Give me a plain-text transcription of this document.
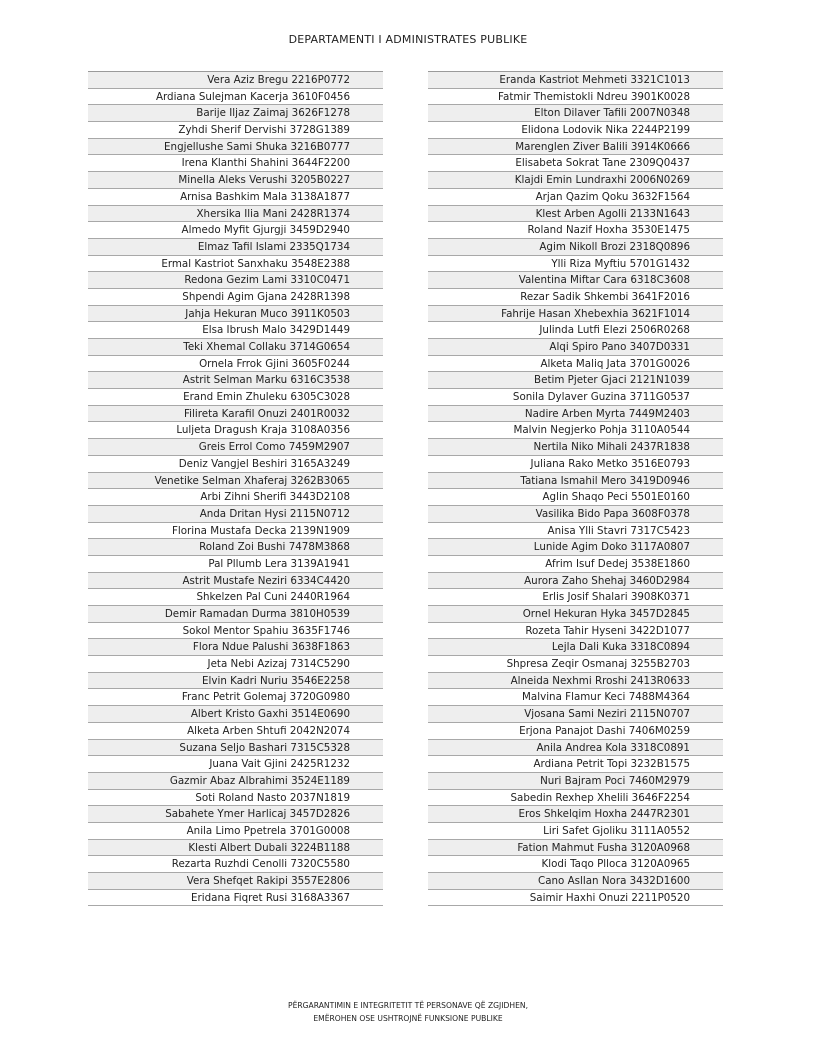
DEPARTAMENTI I ADMINISTRATES PUBLIKE
Vera Aziz Bregu 2216P0772
Ardiana Sulejman Kacerja 3610F0456
Barije Iljaz Zaimaj 3626F1278
Zyhdi Sherif Dervishi 3728G1389
Engjellushe Sami Shuka 3216B0777
Irena Klanthi Shahini 3644F2200
Minella Aleks Verushi 3205B0227
Arnisa Bashkim Mala 3138A1877
Xhersika Ilia Mani 2428R1374
Almedo Myfit Gjurgji 3459D2940
Elmaz Tafil Islami 2335Q1734
Ermal Kastriot Sanxhaku 3548E2388
Redona Gezim Lami 3310C0471
Shpendi Agim Gjana 2428R1398
Jahja Hekuran Muco 3911K0503
Elsa Ibrush Malo 3429D1449
Teki Xhemal Collaku 3714G0654
Ornela Frrok Gjini 3605F0244
Astrit Selman Marku 6316C3538
Erand Emin Zhuleku 6305C3028
Filireta Karafil Onuzi 2401R0032
Luljeta Dragush Kraja 3108A0356
Greis Errol Como 7459M2907
Deniz Vangjel Beshiri 3165A3249
Venetike Selman Xhaferaj 3262B3065
Arbi Zihni Sherifi 3443D2108
Anda Dritan Hysi 2115N0712
Florina Mustafa Decka 2139N1909
Roland Zoi Bushi 7478M3868
Pal Pllumb Lera 3139A1941
Astrit Mustafe Neziri 6334C4420
Shkelzen Pal Cuni 2440R1964
Demir Ramadan Durma 3810H0539
Sokol Mentor Spahiu 3635F1746
Flora Ndue Palushi 3638F1863
Jeta Nebi Azizaj 7314C5290
Elvin Kadri Nuriu 3546E2258
Franc Petrit Golemaj 3720G0980
Albert Kristo Gaxhi 3514E0690
Alketa Arben Shtufi 2042N2074
Suzana Seljo Bashari 7315C5328
Juana Vait Gjini 2425R1232
Gazmir Abaz Albrahimi 3524E1189
Soti Roland Nasto 2037N1819
Sabahete Ymer Harlicaj 3457D2826
Anila Limo Ppetrela 3701G0008
Klesti Albert Dubali 3224B1188
Rezarta Ruzhdi Cenolli 7320C5580
Vera Shefqet Rakipi 3557E2806
Eridana Fiqret Rusi 3168A3367
Eranda Kastriot Mehmeti 3321C1013
Fatmir Themistokli Ndreu 3901K0028
Elton Dilaver Tafili 2007N0348
Elidona Lodovik Nika 2244P2199
Marenglen Ziver Balili 3914K0666
Elisabeta Sokrat Tane 2309Q0437
Klajdi Emin Lundraxhi 2006N0269
Arjan Qazim Qoku 3632F1564
Klest Arben Agolli 2133N1643
Roland Nazif Hoxha 3530E1475
Agim Nikoll Brozi 2318Q0896
Ylli Riza Myftiu 5701G1432
Valentina Miftar Cara 6318C3608
Rezar Sadik Shkembi 3641F2016
Fahrije Hasan Xhebexhia 3621F1014
Julinda Lutfi Elezi 2506R0268
Alqi Spiro Pano 3407D0331
Alketa Maliq Jata 3701G0026
Betim Pjeter Gjaci 2121N1039
Sonila Dylaver Guzina 3711G0537
Nadire Arben Myrta 7449M2403
Malvin Negjerko Pohja 3110A0544
Nertila Niko Mihali 2437R1838
Juliana Rako Metko 3516E0793
Tatiana Ismahil Mero 3419D0946
Aglin Shaqo Peci 5501E0160
Vasilika Bido Papa 3608F0378
Anisa Ylli Stavri 7317C5423
Lunide Agim Doko 3117A0807
Afrim Isuf Dedej 3538E1860
Aurora Zaho Shehaj 3460D2984
Erlis Josif Shalari 3908K0371
Ornel Hekuran Hyka 3457D2845
Rozeta Tahir Hyseni 3422D1077
Lejla Dali Kuka 3318C0894
Shpresa Zeqir Osmanaj 3255B2703
Alneida Nexhmi Rroshi 2413R0633
Malvina Flamur Keci 7488M4364
Vjosana Sami Neziri 2115N0707
Erjona Panajot Dashi 7406M0259
Anila Andrea Kola 3318C0891
Ardiana Petrit Topi 3232B1575
Nuri Bajram Poci 7460M2979
Sabedin Rexhep Xhelili 3646F2254
Eros Shkelqim Hoxha 2447R2301
Liri Safet Gjoliku 3111A0552
Fation Mahmut Fusha 3120A0968
Klodi Taqo Plloca 3120A0965
Cano Asllan Nora 3432D1600
Saimir Haxhi Onuzi 2211P0520
PËRGARANTIMIN E INTEGRITETIT TË PERSONAVE QË ZGJIDHEN,
EMËROHEN OSE USHTROJNË FUNKSIONE PUBLIKE
